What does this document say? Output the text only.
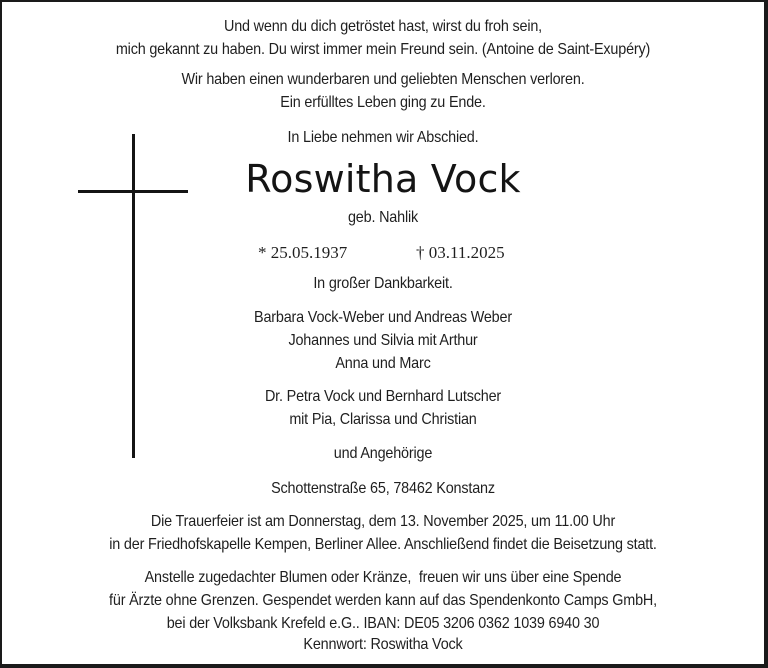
Und wenn du dich getröstet hast, wirst du froh sein,
mich gekannt zu haben. Du wirst immer mein Freund sein. (Antoine de Saint-Exupéry)
Wir haben einen wunderbaren und geliebten Menschen verloren.
Ein erfülltes Leben ging zu Ende.
In Liebe nehmen wir Abschied.
Roswitha Vock
geb. Nahlik
* 25.05.1937	† 03.11.2025
In großer Dankbarkeit.
Barbara Vock-Weber und Andreas Weber
Johannes und Silvia mit Arthur
Anna und Marc
Dr. Petra Vock und Bernhard Lutscher
mit Pia, Clarissa und Christian
und Angehörige
Schottenstraße 65, 78462 Konstanz
Die Trauerfeier ist am Donnerstag, dem 13. November 2025, um 11.00 Uhr
in der Friedhofskapelle Kempen, Berliner Allee. Anschließend findet die Beisetzung statt.
Anstelle zugedachter Blumen oder Kränze,  freuen wir uns über eine Spende
für Ärzte ohne Grenzen. Gespendet werden kann auf das Spendenkonto Camps GmbH,
bei der Volksbank Krefeld e.G.. IBAN: DE05 3206 0362 1039 6940 30
Kennwort: Roswitha Vock
